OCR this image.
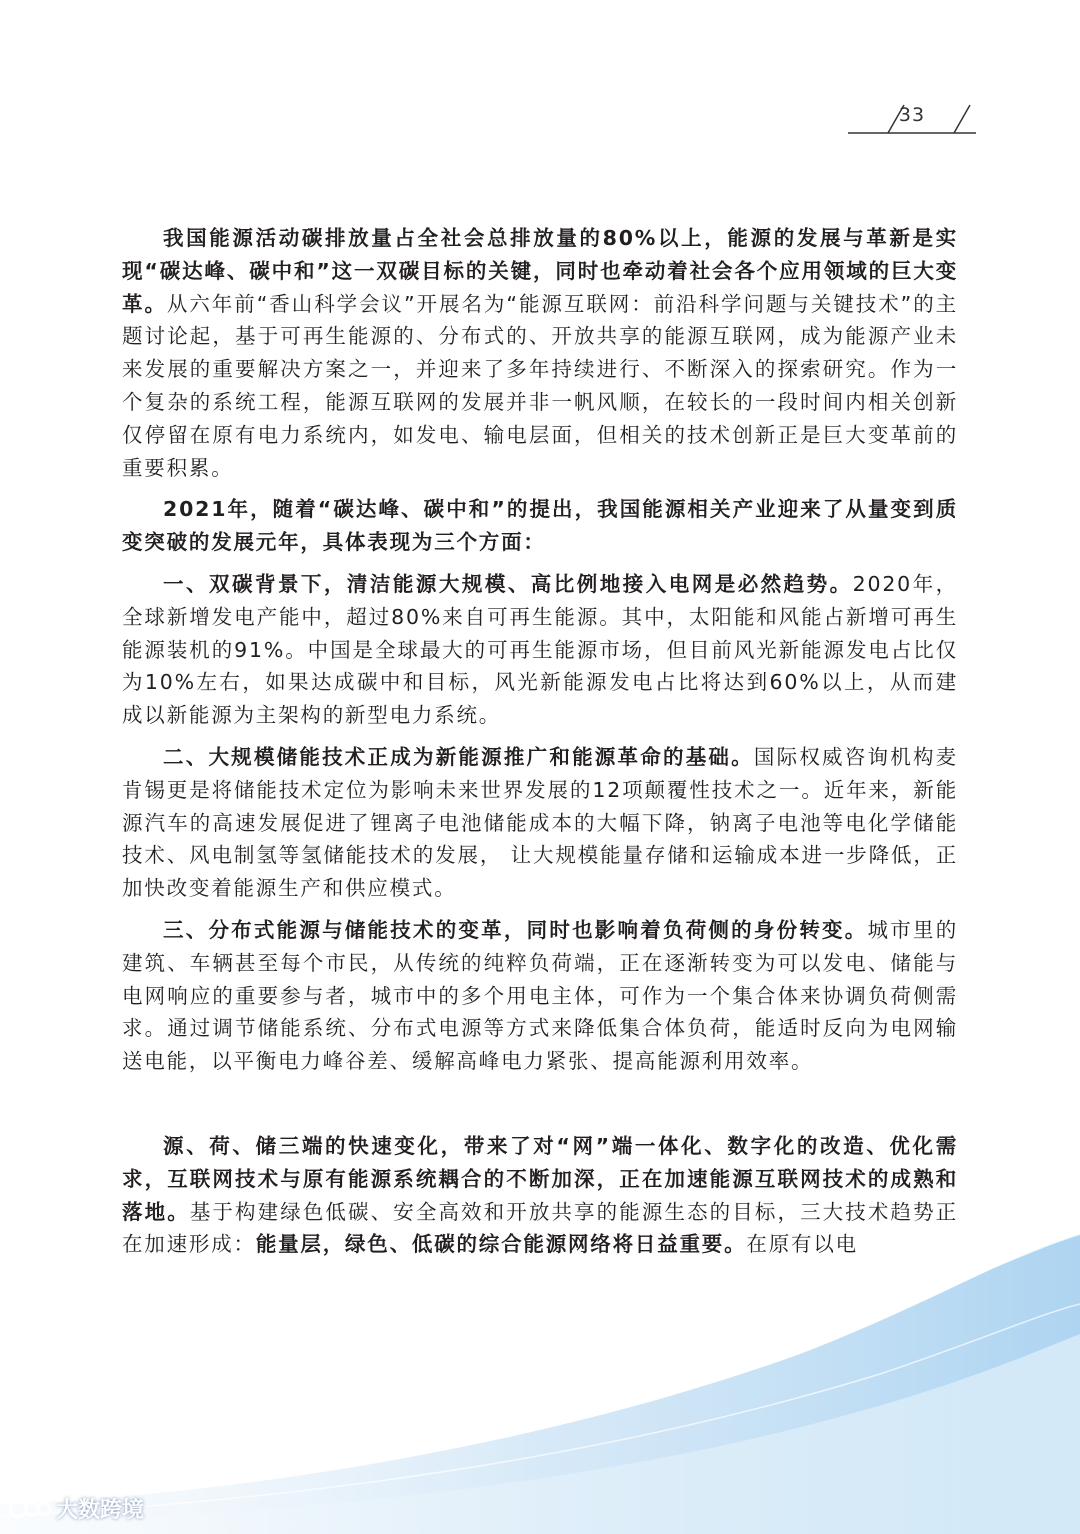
33

我国能源活动碳排放量占全社会总排放量的80%以上，能源的发展与革新是实现“碳达峰、碳中和”这一双碳目标的关键，同时也牵动着社会各个应用领域的巨大变革。从六年前“香山科学会议”开展名为“能源互联网：前沿科学问题与关键技术”的主题讨论起，基于可再生能源的、分布式的、开放共享的能源互联网，成为能源产业未来发展的重要解决方案之一，并迎来了多年持续进行、不断深入的探索研究。作为一个复杂的系统工程，能源互联网的发展并非一帆风顺，在较长的一段时间内相关创新仅停留在原有电力系统内，如发电、输电层面，但相关的技术创新正是巨大变革前的重要积累。

2021年，随着“碳达峰、碳中和”的提出，我国能源相关产业迎来了从量变到质变突破的发展元年，具体表现为三个方面：

一、双碳背景下，清洁能源大规模、高比例地接入电网是必然趋势。2020年，全球新增发电产能中，超过80%来自可再生能源。其中，太阳能和风能占新增可再生能源装机的91%。中国是全球最大的可再生能源市场，但目前风光新能源发电占比仅为10%左右，如果达成碳中和目标，风光新能源发电占比将达到60%以上，从而建成以新能源为主架构的新型电力系统。

二、大规模储能技术正成为新能源推广和能源革命的基础。国际权威咨询机构麦肯锡更是将储能技术定位为影响未来世界发展的12项颠覆性技术之一。近年来，新能源汽车的高速发展促进了锂离子电池储能成本的大幅下降，钠离子电池等电化学储能技术、风电制氢等氢储能技术的发展， 让大规模能量存储和运输成本进一步降低，正加快改变着能源生产和供应模式。

三、分布式能源与储能技术的变革，同时也影响着负荷侧的身份转变。城市里的建筑、车辆甚至每个市民，从传统的纯粹负荷端，正在逐渐转变为可以发电、储能与电网响应的重要参与者，城市中的多个用电主体，可作为一个集合体来协调负荷侧需求。通过调节储能系统、分布式电源等方式来降低集合体负荷，能适时反向为电网输送电能，以平衡电力峰谷差、缓解高峰电力紧张、提高能源利用效率。

源、荷、储三端的快速变化，带来了对“网”端一体化、数字化的改造、优化需求，互联网技术与原有能源系统耦合的不断加深，正在加速能源互联网技术的成熟和落地。基于构建绿色低碳、安全高效和开放共享的能源生态的目标，三大技术趋势正在加速形成：能量层，绿色、低碳的综合能源网络将日益重要。在原有以电

大数跨境
